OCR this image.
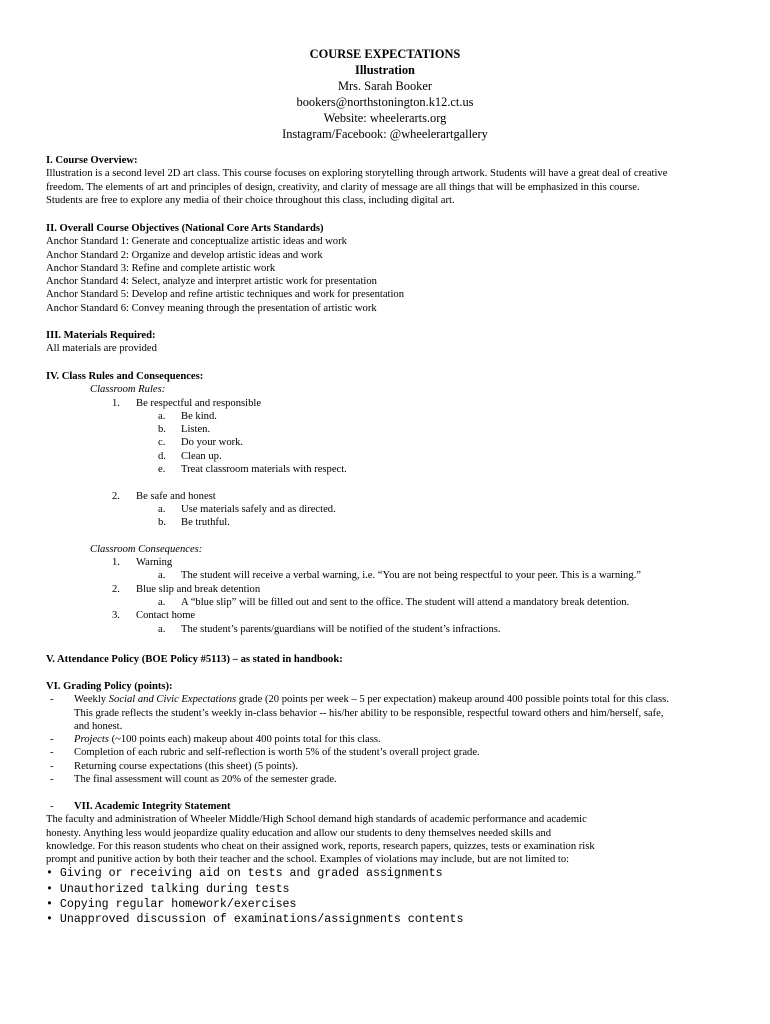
COURSE EXPECTATIONS
Illustration
Mrs. Sarah Booker
bookers@northstonington.k12.ct.us
Website: wheelerarts.org
Instagram/Facebook: @wheelerartgallery
I. Course Overview:
Illustration is a second level 2D art class. This course focuses on exploring storytelling through artwork. Students will have a great deal of creative
freedom. The elements of art and principles of design, creativity, and clarity of message are all things that will be emphasized in this course.
Students are free to explore any media of their choice throughout this class, including digital art.
II. Overall Course Objectives (National Core Arts Standards)
Anchor Standard 1: Generate and conceptualize artistic ideas and work
Anchor Standard 2: Organize and develop artistic ideas and work
Anchor Standard 3: Refine and complete artistic work
Anchor Standard 4: Select, analyze and interpret artistic work for presentation
Anchor Standard 5: Develop and refine artistic techniques and work for presentation
Anchor Standard 6: Convey meaning through the presentation of artistic work
III. Materials Required:
All materials are provided
IV. Class Rules and Consequences:
Classroom Rules:
1. Be respectful and responsible
a. Be kind.
b. Listen.
c. Do your work.
d. Clean up.
e. Treat classroom materials with respect.
2. Be safe and honest
a. Use materials safely and as directed.
b. Be truthful.
Classroom Consequences:
1. Warning
a. The student will receive a verbal warning, i.e. “You are not being respectful to your peer. This is a warning.”
2. Blue slip and break detention
a. A “blue slip” will be filled out and sent to the office. The student will attend a mandatory break detention.
3. Contact home
a. The student’s parents/guardians will be notified of the student’s infractions.
V. Attendance Policy (BOE Policy #5113) – as stated in handbook:
VI. Grading Policy (points):
- Weekly Social and Civic Expectations grade (20 points per week – 5 per expectation) makeup around 400 possible points total for this class.
This grade reflects the student’s weekly in-class behavior -- his/her ability to be responsible, respectful toward others and him/herself, safe,
and honest.
- Projects (~100 points each) makeup about 400 points total for this class.
- Completion of each rubric and self-reflection is worth 5% of the student’s overall project grade.
- Returning course expectations (this sheet) (5 points).
- The final assessment will count as 20% of the semester grade.
- VII. Academic Integrity Statement
The faculty and administration of Wheeler Middle/High School demand high standards of academic performance and academic
honesty. Anything less would jeopardize quality education and allow our students to deny themselves needed skills and
knowledge. For this reason students who cheat on their assigned work, reports, research papers, quizzes, tests or examination risk
prompt and punitive action by both their teacher and the school. Examples of violations may include, but are not limited to:
• Giving or receiving aid on tests and graded assignments
• Unauthorized talking during tests
• Copying regular homework/exercises
• Unapproved discussion of examinations/assignments contents
